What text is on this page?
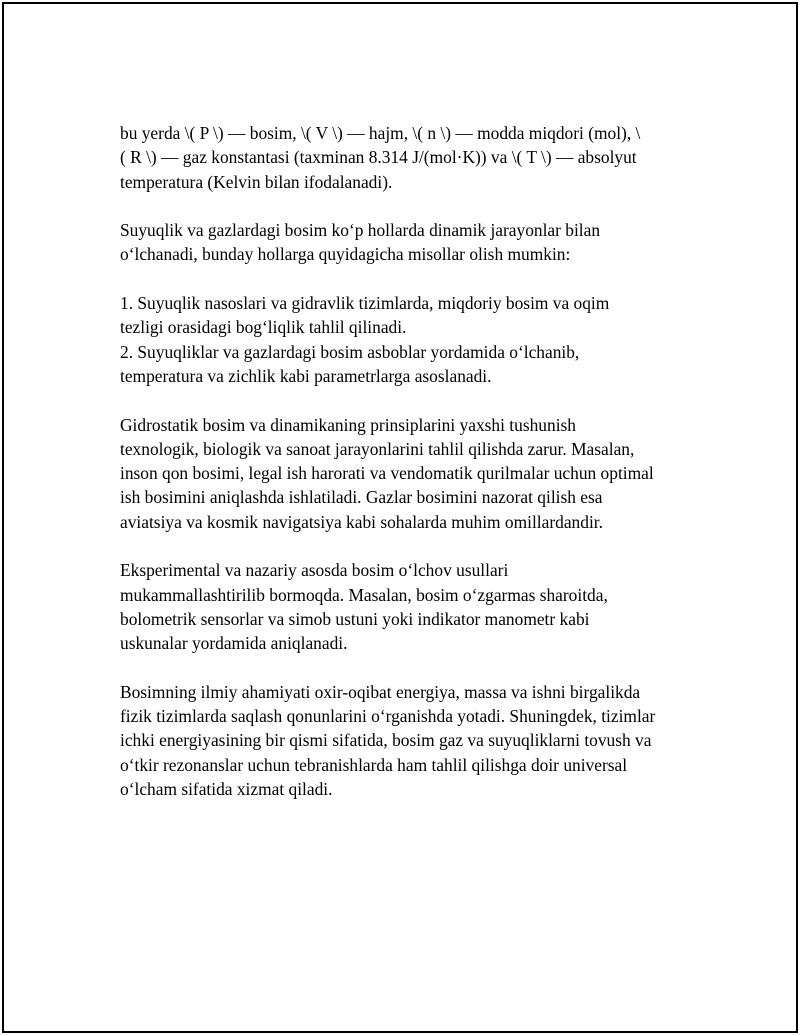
bu yerda \( P \) — bosim, \( V \) — hajm, \( n \) — modda miqdori (mol), \
( R \) — gaz konstantasi (taxminan 8.314 J/(mol·K)) va \( T \) — absolyut
temperatura (Kelvin bilan ifodalanadi).

Suyuqlik va gazlardagi bosim ko‘p hollarda dinamik jarayonlar bilan
o‘lchanadi, bunday hollarga quyidagicha misollar olish mumkin:

1. Suyuqlik nasoslari va gidravlik tizimlarda, miqdoriy bosim va oqim
tezligi orasidagi bog‘liqlik tahlil qilinadi.

2. Suyuqliklar va gazlardagi bosim asboblar yordamida o‘lchanib,
temperatura va zichlik kabi parametrlarga asoslanadi.

Gidrostatik bosim va dinamikaning prinsiplarini yaxshi tushunish
texnologik, biologik va sanoat jarayonlarini tahlil qilishda zarur. Masalan,
inson qon bosimi, legal ish harorati va vendomatik qurilmalar uchun optimal
ish bosimini aniqlashda ishlatiladi. Gazlar bosimini nazorat qilish esa
aviatsiya va kosmik navigatsiya kabi sohalarda muhim omillardandir.

Eksperimental va nazariy asosda bosim o‘lchov usullari
mukammallashtirilib bormoqda. Masalan, bosim o‘zgarmas sharoitda,
bolometrik sensorlar va simob ustuni yoki indikator manometr kabi
uskunalar yordamida aniqlanadi.

Bosimning ilmiy ahamiyati oxir-oqibat energiya, massa va ishni birgalikda
fizik tizimlarda saqlash qonunlarini o‘rganishda yotadi. Shuningdek, tizimlar
ichki energiyasining bir qismi sifatida, bosim gaz va suyuqliklarni tovush va
o‘tkir rezonanslar uchun tebranishlarda ham tahlil qilishga doir universal
o‘lcham sifatida xizmat qiladi.
